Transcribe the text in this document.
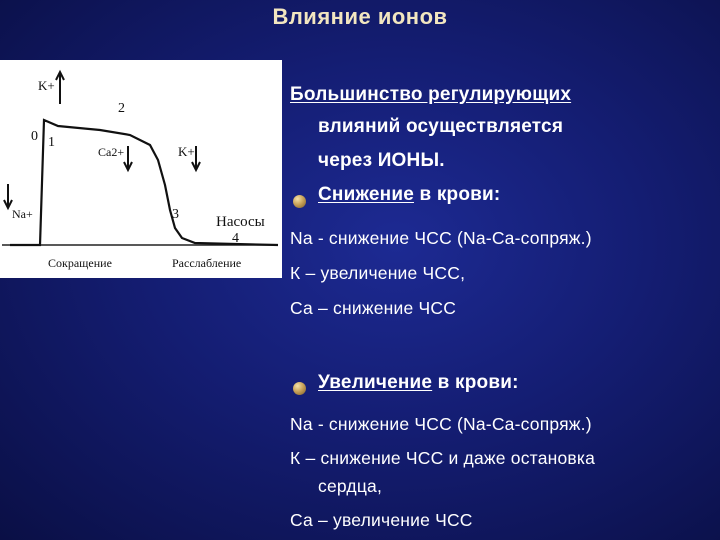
Влияние ионов
K+
2
0 1
Ca2+	K+
Na+	3 Насосы
4
Сокращение	Расслабление
Большинство регулирующих
влияний осуществляется
через ИОНЫ.
Снижение в крови:
Na - снижение ЧСС (Na-Ca-сопряж.)
К – увеличение ЧСС,
Са – снижение ЧСС
Увеличение в крови:
Na - снижение ЧСС (Na-Ca-сопряж.)
К – снижение ЧСС и даже остановка
сердца,
Са – увеличение ЧСС
